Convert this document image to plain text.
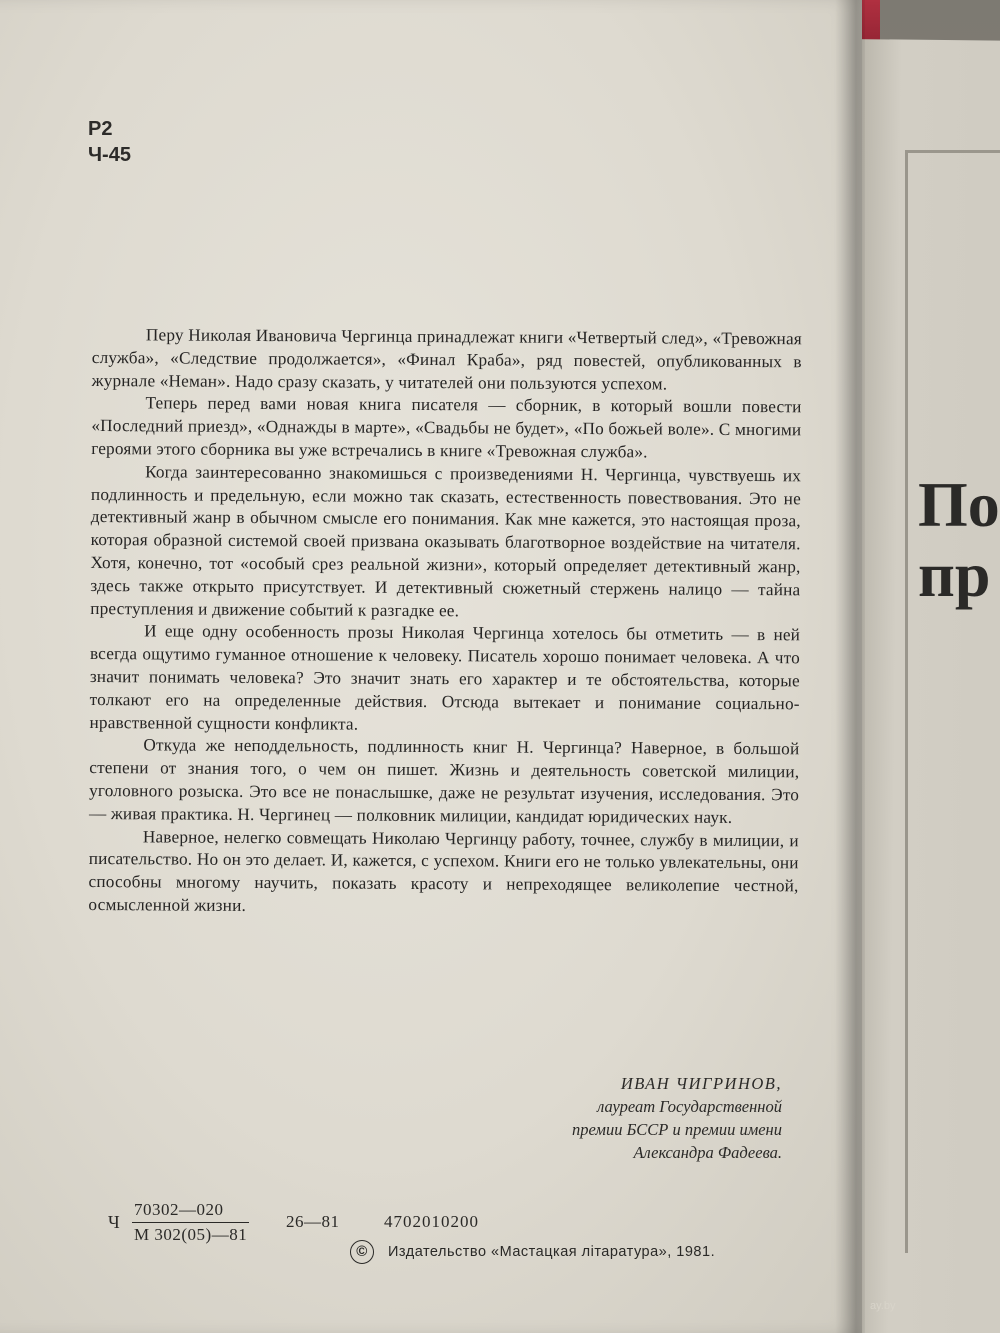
По
пр
Р2
Ч-45

Перу Николая Ивановича Чергинца принадлежат книги «Четвертый след», «Тревожная служба», «Следствие продолжается», «Финал Краба», ряд повестей, опубликованных в журнале «Неман». Надо сразу сказать, у читателей они пользуются успехом.

Теперь перед вами новая книга писателя — сборник, в который вошли повести «Последний приезд», «Однажды в марте», «Свадьбы не будет», «По божьей воле». С многими героями этого сборника вы уже встречались в книге «Тревожная служба».

Когда заинтересованно знакомишься с произведениями Н. Чергинца, чувствуешь их подлинность и предельную, если можно так сказать, естественность повествования. Это не детективный жанр в обычном смысле его понимания. Как мне кажется, это настоящая проза, которая образной системой своей призвана оказывать благотворное воздействие на читателя. Хотя, конечно, тот «особый срез реальной жизни», который определяет детективный жанр, здесь также открыто присутствует. И детективный сюжетный стержень налицо — тайна преступления и движение событий к разгадке ее.

И еще одну особенность прозы Николая Чергинца хотелось бы отметить — в ней всегда ощутимо гуманное отношение к человеку. Писатель хорошо понимает человека. А что значит понимать человека? Это значит знать его характер и те обстоятельства, которые толкают его на определенные действия. Отсюда вытекает и понимание социально-нравственной сущности конфликта.

Откуда же неподдельность, подлинность книг Н. Чергинца? Наверное, в большой степени от знания того, о чем он пишет. Жизнь и деятельность советской милиции, уголовного розыска. Это все не понаслышке, даже не результат изучения, исследования. Это — живая практика. Н. Чергинец — полковник милиции, кандидат юридических наук.

Наверное, нелегко совмещать Николаю Чергинцу работу, точнее, службу в милиции, и писательство. Но он это делает. И, кажется, с успехом. Книги его не только увлекательны, они способны многому научить, показать красоту и непреходящее великолепие честной, осмысленной жизни.

ИВАН ЧИГРИНОВ,
лауреат Государственной
премии БССР и премии имени
Александра Фадеева.
Ч
70302—020
М 302(05)—81
26—81	4702010200
© Издательство «Мастацкая літаратура», 1981.
ay.by
